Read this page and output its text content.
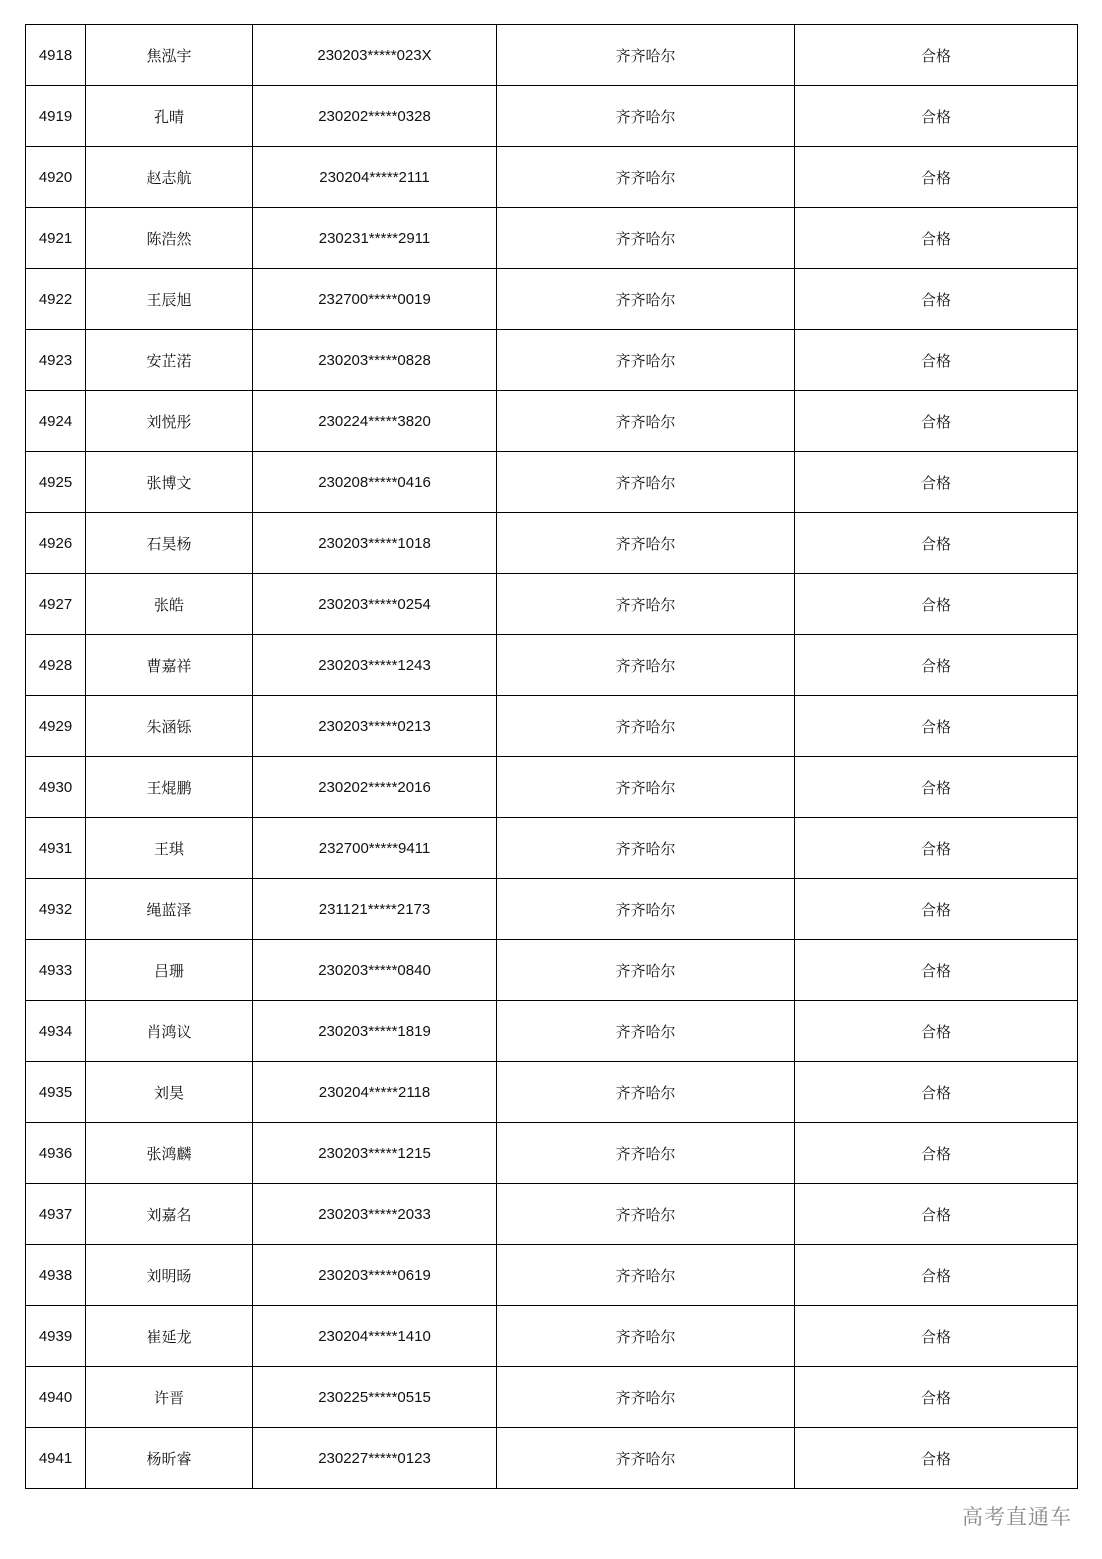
4918	焦泓宇	230203*****023X	齐齐哈尔	合格
4919	孔晴	230202*****0328	齐齐哈尔	合格
4920	赵志航	230204*****2111	齐齐哈尔	合格
4921	陈浩然	230231*****2911	齐齐哈尔	合格
4922	王辰旭	232700*****0019	齐齐哈尔	合格
4923	安芷渃	230203*****0828	齐齐哈尔	合格
4924	刘悦彤	230224*****3820	齐齐哈尔	合格
4925	张博文	230208*****0416	齐齐哈尔	合格
4926	石昊杨	230203*****1018	齐齐哈尔	合格
4927	张皓	230203*****0254	齐齐哈尔	合格
4928	曹嘉祥	230203*****1243	齐齐哈尔	合格
4929	朱涵铄	230203*****0213	齐齐哈尔	合格
4930	王焜鹏	230202*****2016	齐齐哈尔	合格
4931	王琪	232700*****9411	齐齐哈尔	合格
4932	绳蓝泽	231121*****2173	齐齐哈尔	合格
4933	吕珊	230203*****0840	齐齐哈尔	合格
4934	肖鸿议	230203*****1819	齐齐哈尔	合格
4935	刘昊	230204*****2118	齐齐哈尔	合格
4936	张鸿麟	230203*****1215	齐齐哈尔	合格
4937	刘嘉名	230203*****2033	齐齐哈尔	合格
4938	刘明旸	230203*****0619	齐齐哈尔	合格
4939	崔延龙	230204*****1410	齐齐哈尔	合格
4940	许晋	230225*****0515	齐齐哈尔	合格
4941	杨昕睿	230227*****0123	齐齐哈尔	合格
高考直通车
